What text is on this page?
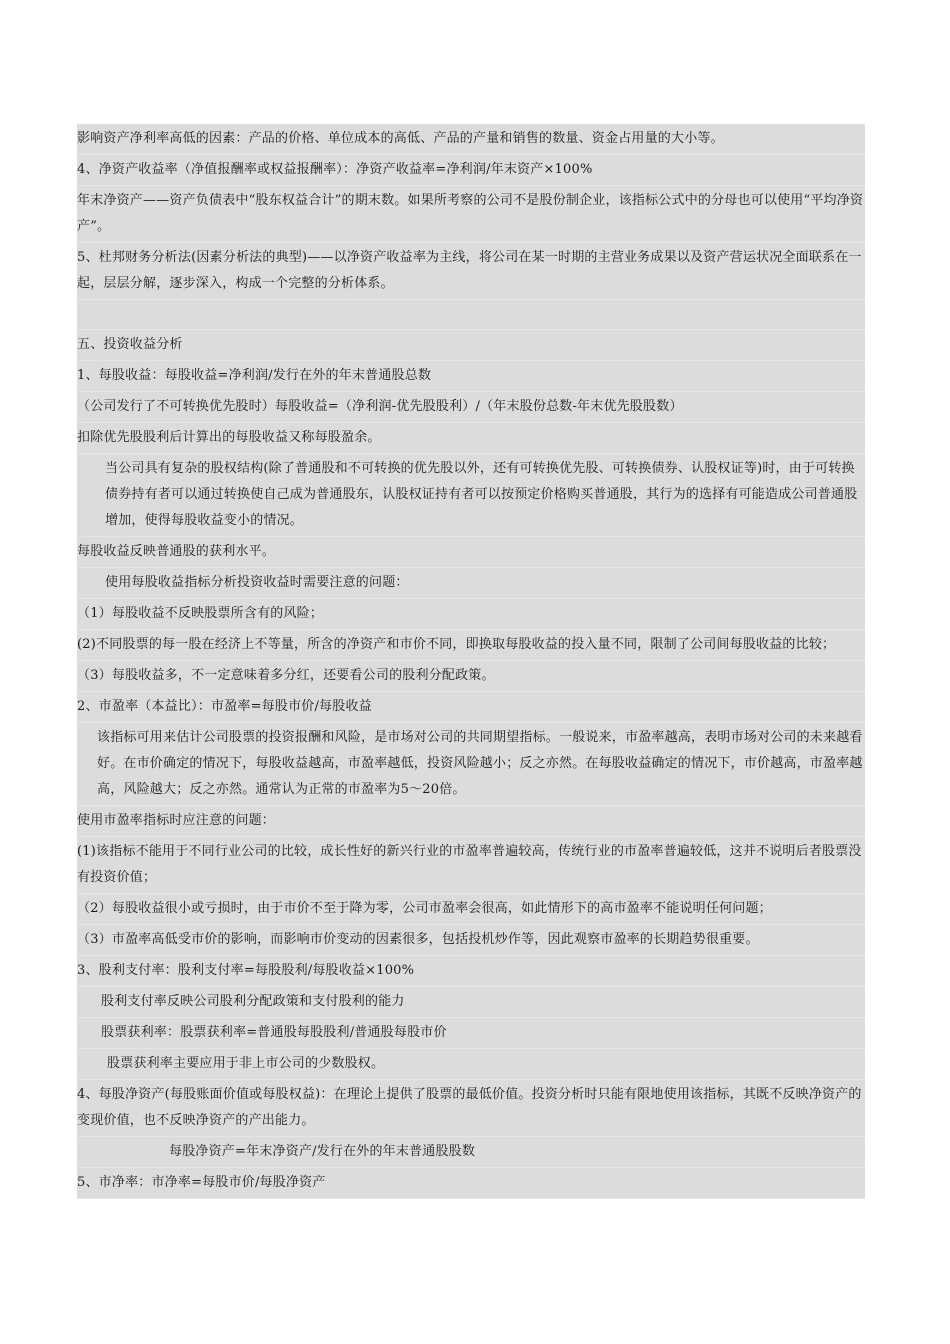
影响资产净利率高低的因素：产品的价格、单位成本的高低、产品的产量和销售的数量、资金占用量的大小等。
4、净资产收益率（净值报酬率或权益报酬率）：净资产收益率=净利润/年末资产×100%
年末净资产——资产负债表中“股东权益合计”的期末数。如果所考察的公司不是股份制企业，该指标公式中的分母也可以使用“平均净资产”。
5、杜邦财务分析法(因素分析法的典型)——以净资产收益率为主线，将公司在某一时期的主营业务成果以及资产营运状况全面联系在一起，层层分解，逐步深入，构成一个完整的分析体系。
五、投资收益分析
1、每股收益：每股收益=净利润/发行在外的年末普通股总数
（公司发行了不可转换优先股时）每股收益=（净利润-优先股股利）/（年末股份总数-年末优先股股数）
扣除优先股股利后计算出的每股收益又称每股盈余。
当公司具有复杂的股权结构(除了普通股和不可转换的优先股以外，还有可转换优先股、可转换债券、认股权证等)时，由于可转换债券持有者可以通过转换使自己成为普通股东，认股权证持有者可以按预定价格购买普通股，其行为的选择有可能造成公司普通股增加，使得每股收益变小的情况。
每股收益反映普通股的获利水平。
使用每股收益指标分析投资收益时需要注意的问题：
（1）每股收益不反映股票所含有的风险；
(2)不同股票的每一股在经济上不等量，所含的净资产和市价不同，即换取每股收益的投入量不同，限制了公司间每股收益的比较；
（3）每股收益多，不一定意味着多分红，还要看公司的股利分配政策。
2、市盈率（本益比）：市盈率=每股市价/每股收益
该指标可用来估计公司股票的投资报酬和风险，是市场对公司的共同期望指标。一般说来，市盈率越高，表明市场对公司的未来越看好。在市价确定的情况下，每股收益越高，市盈率越低，投资风险越小；反之亦然。在每股收益确定的情况下，市价越高，市盈率越高，风险越大；反之亦然。通常认为正常的市盈率为5～20倍。
使用市盈率指标时应注意的问题：
(1)该指标不能用于不同行业公司的比较，成长性好的新兴行业的市盈率普遍较高，传统行业的市盈率普遍较低，这并不说明后者股票没有投资价值；
（2）每股收益很小或亏损时，由于市价不至于降为零，公司市盈率会很高，如此情形下的高市盈率不能说明任何问题；
（3）市盈率高低受市价的影响，而影响市价变动的因素很多，包括投机炒作等，因此观察市盈率的长期趋势很重要。
3、股利支付率：股利支付率=每股股利/每股收益×100%
股利支付率反映公司股利分配政策和支付股利的能力
股票获利率：股票获利率=普通股每股股利/普通股每股市价
股票获利率主要应用于非上市公司的少数股权。
4、每股净资产(每股账面价值或每股权益)：在理论上提供了股票的最低价值。投资分析时只能有限地使用该指标，其既不反映净资产的变现价值，也不反映净资产的产出能力。
每股净资产=年末净资产/发行在外的年末普通股股数
5、市净率：市净率=每股市价/每股净资产
